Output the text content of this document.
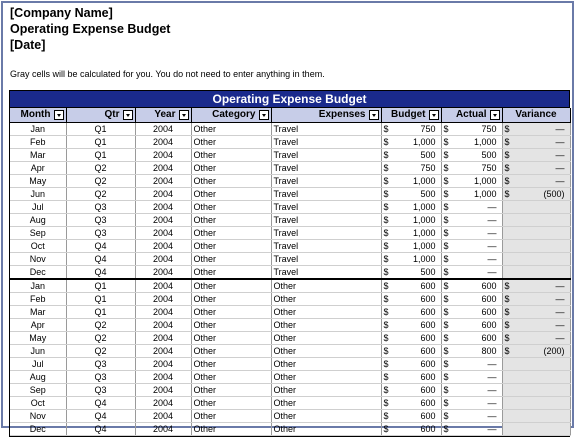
[Company Name]
Operating Expense Budget
[Date]
Gray cells will be calculated for you. You do not need to enter anything in them.
Operating Expense Budget
Month	Qtr	Year	Category	Expenses	Budget	Actual	Variance

Jan	Q1	2004	Other	Travel	$ 750	$ 750	$ —

Feb	Q1	2004	Other	Travel	$ 1,000	$ 1,000	$ —

Mar	Q1	2004	Other	Travel	$ 500	$ 500	$ —

Apr	Q2	2004	Other	Travel	$ 750	$ 750	$ —

May	Q2	2004	Other	Travel	$ 1,000	$ 1,000	$ —

Jun	Q2	2004	Other	Travel	$ 500	$ 1,000	$ (500)

Jul	Q3	2004	Other	Travel	$ 1,000	$ —	

Aug	Q3	2004	Other	Travel	$ 1,000	$ —	

Sep	Q3	2004	Other	Travel	$ 1,000	$ —	

Oct	Q4	2004	Other	Travel	$ 1,000	$ —	

Nov	Q4	2004	Other	Travel	$ 1,000	$ —	

Dec	Q4	2004	Other	Travel	$ 500	$ —	

Jan	Q1	2004	Other	Other	$ 600	$ 600	$ —

Feb	Q1	2004	Other	Other	$ 600	$ 600	$ —

Mar	Q1	2004	Other	Other	$ 600	$ 600	$ —

Apr	Q2	2004	Other	Other	$ 600	$ 600	$ —

May	Q2	2004	Other	Other	$ 600	$ 600	$ —

Jun	Q2	2004	Other	Other	$ 600	$ 800	$ (200)

Jul	Q3	2004	Other	Other	$ 600	$ —	

Aug	Q3	2004	Other	Other	$ 600	$ —	

Sep	Q3	2004	Other	Other	$ 600	$ —	

Oct	Q4	2004	Other	Other	$ 600	$ —	

Nov	Q4	2004	Other	Other	$ 600	$ —	

Dec	Q4	2004	Other	Other	$ 600	$ —	
